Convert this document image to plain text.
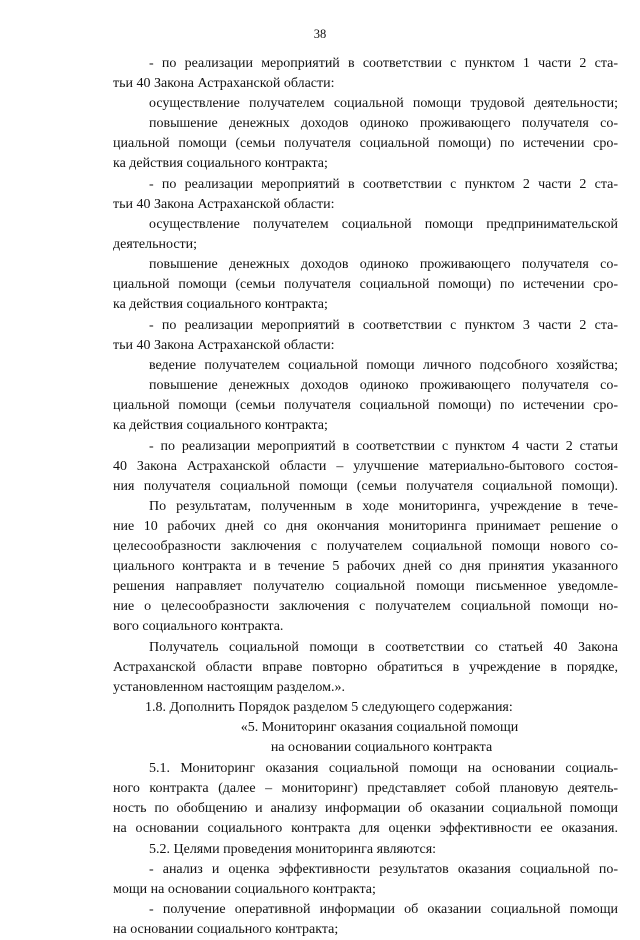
38
- по реализации мероприятий в соответствии с пунктом 1 части 2 ста-
тьи 40 Закона Астраханской области:
осуществление получателем социальной помощи трудовой деятельности;
повышение денежных доходов одиноко проживающего получателя со-
циальной помощи (семьи получателя социальной помощи) по истечении сро-
ка действия социального контракта;
- по реализации мероприятий в соответствии с пунктом 2 части 2 ста-
тьи 40 Закона Астраханской области:
осуществление получателем социальной помощи предпринимательской
деятельности;
повышение денежных доходов одиноко проживающего получателя со-
циальной помощи (семьи получателя социальной помощи) по истечении сро-
ка действия социального контракта;
- по реализации мероприятий в соответствии с пунктом 3 части 2 ста-
тьи 40 Закона Астраханской области:
ведение получателем социальной помощи личного подсобного хозяйства;
повышение денежных доходов одиноко проживающего получателя со-
циальной помощи (семьи получателя социальной помощи) по истечении сро-
ка действия социального контракта;
- по реализации мероприятий в соответствии с пунктом 4 части 2 статьи
40 Закона Астраханской области – улучшение материально-бытового состоя-
ния получателя социальной помощи (семьи получателя социальной помощи).
По результатам, полученным в ходе мониторинга, учреждение в тече-
ние 10 рабочих дней со дня окончания мониторинга принимает решение о
целесообразности заключения с получателем социальной помощи нового со-
циального контракта и в течение 5 рабочих дней со дня принятия указанного
решения направляет получателю социальной помощи письменное уведомле-
ние о целесообразности заключения с получателем социальной помощи но-
вого социального контракта.
Получатель социальной помощи в соответствии со статьей 40 Закона
Астраханской области вправе повторно обратиться в учреждение в порядке,
установленном настоящим разделом.».
1.8. Дополнить Порядок разделом 5 следующего содержания:
«5. Мониторинг оказания социальной помощи
на основании социального контракта
5.1. Мониторинг оказания социальной помощи на основании социаль-
ного контракта (далее – мониторинг) представляет собой плановую деятель-
ность по обобщению и анализу информации об оказании социальной помощи
на основании социального контракта для оценки эффективности ее оказания.
5.2. Целями проведения мониторинга являются:
- анализ и оценка эффективности результатов оказания социальной по-
мощи на основании социального контракта;
- получение оперативной информации об оказании социальной помощи
на основании социального контракта;
